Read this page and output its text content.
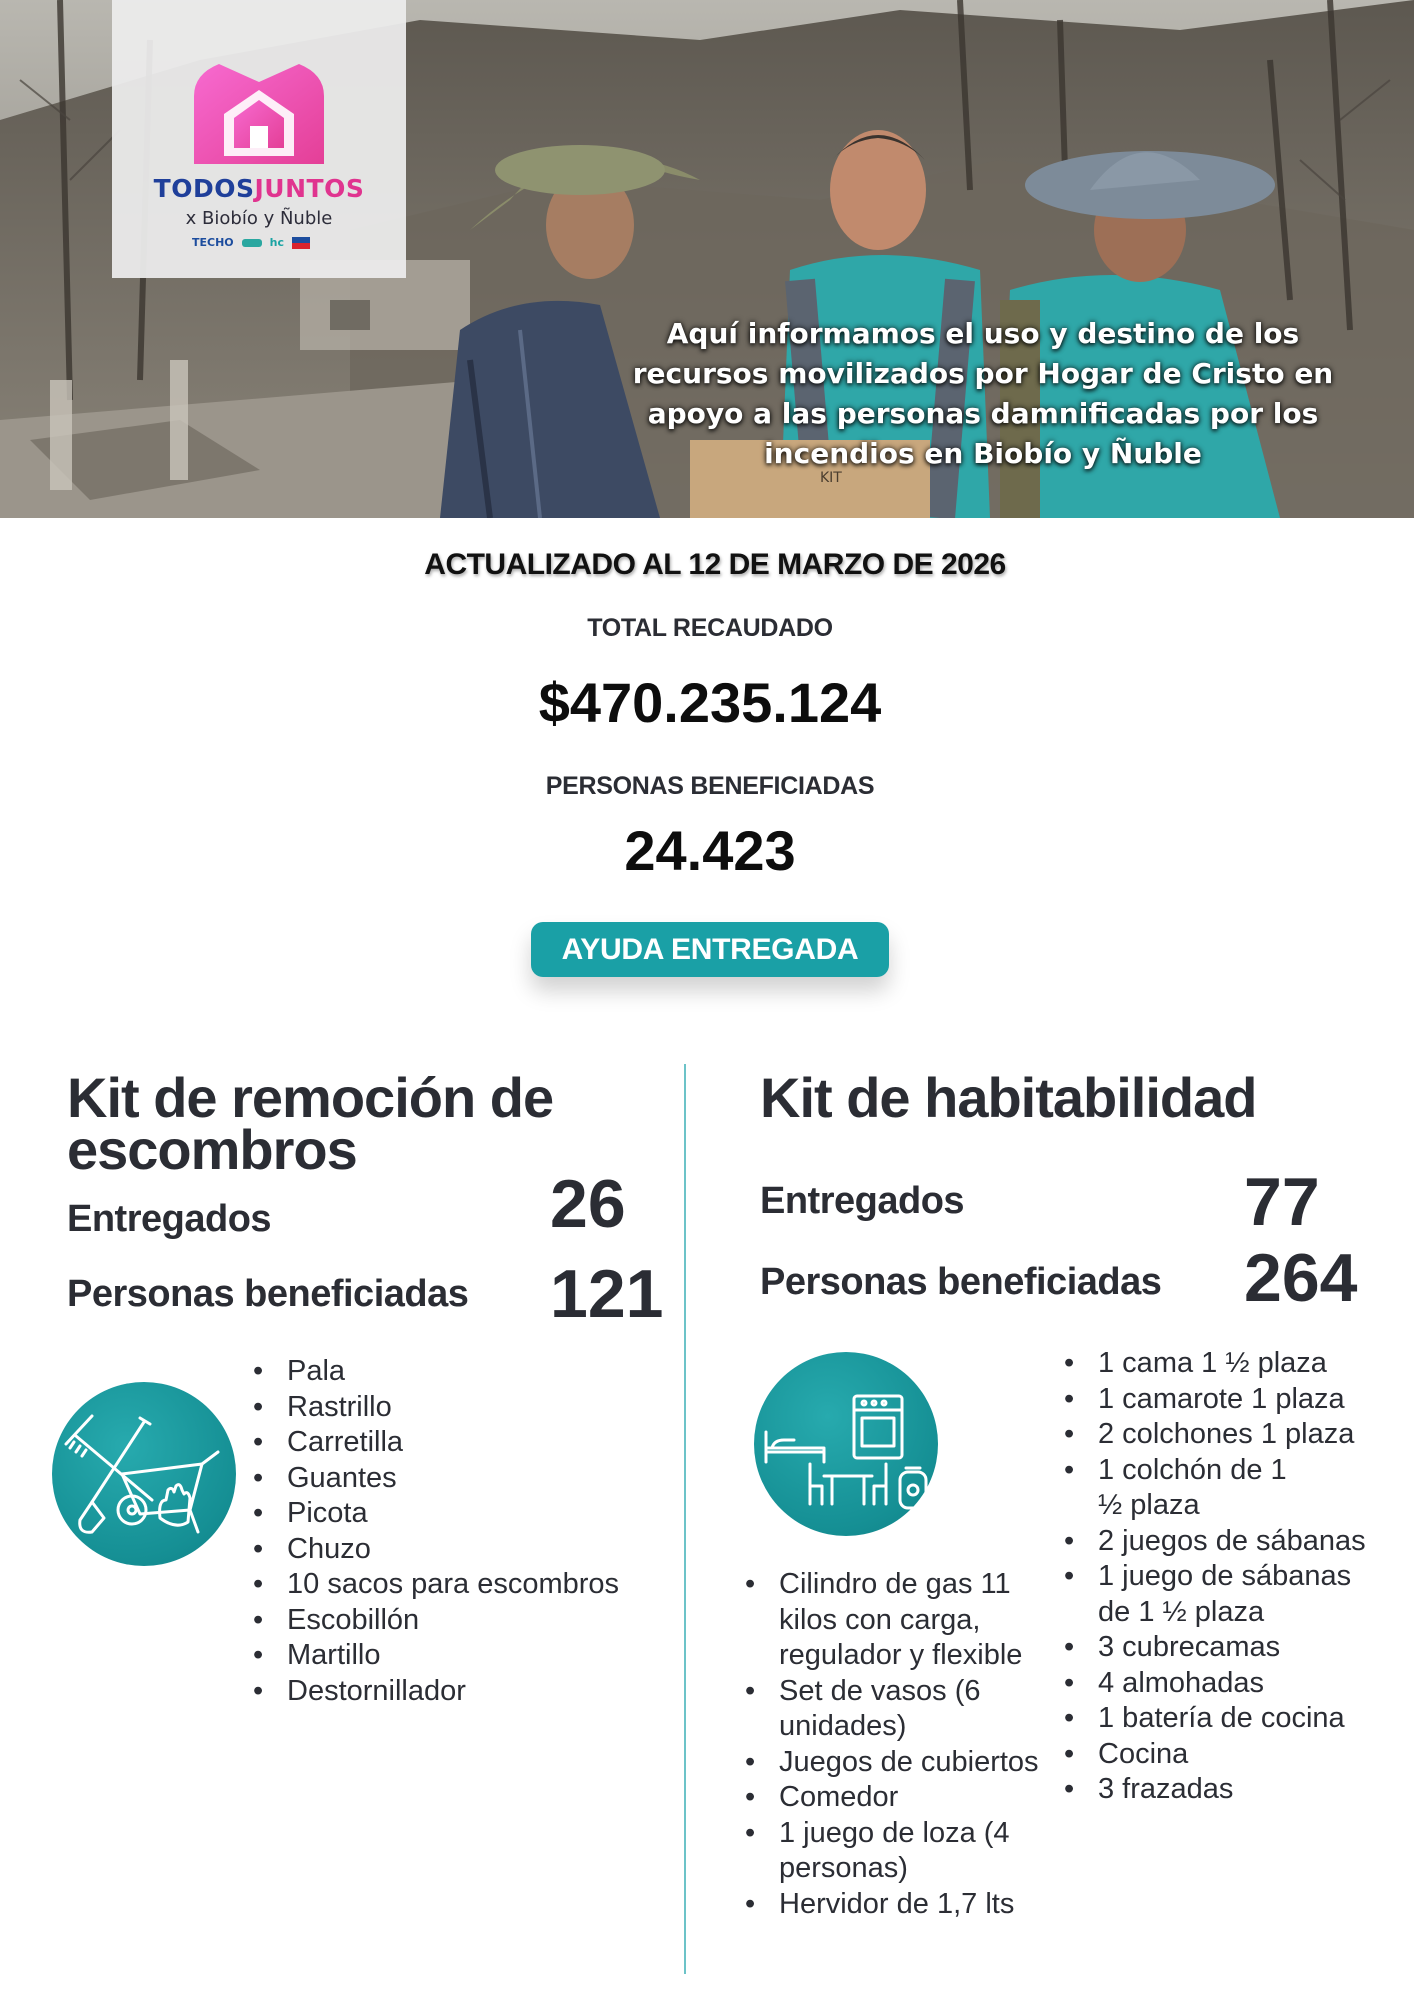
KIT
TODOSJUNTOS
x Biobío y Ñuble
TECHO	hc
Aquí informamos el uso y destino de los recursos movilizados por Hogar de Cristo en apoyo a las personas damnificadas por los incendios en Biobío y Ñuble
ACTUALIZADO AL 12 DE MARZO DE 2026
TOTAL RECAUDADO
$470.235.124
PERSONAS BENEFICIADAS
24.423
AYUDA ENTREGADA
Kit de remoción de
escombros
Entregados	26
Personas beneficiadas 121
• Pala
• Rastrillo
• Carretilla
• Guantes
• Picota
• Chuzo
• 10 sacos para escombros
• Escobillón
• Martillo
• Destornillador
Kit de habitabilidad
Entregados	77
Personas beneficiadas 264
• 1 cama 1 ½ plaza
• 1 camarote 1 plaza
• 2 colchones 1 plaza
• 1 colchón de 1 ½ plaza
• 2 juegos de sábanas
• 1 juego de sábanas de 1 ½ plaza
• 3 cubrecamas
• 4 almohadas
• 1 batería de cocina
• Cocina
• 3 frazadas
• Cilindro de gas 11 kilos con carga, regulador y flexible
• Set de vasos (6 unidades)
• Juegos de cubiertos
• Comedor
• 1 juego de loza (4 personas)
• Hervidor de 1,7 lts
